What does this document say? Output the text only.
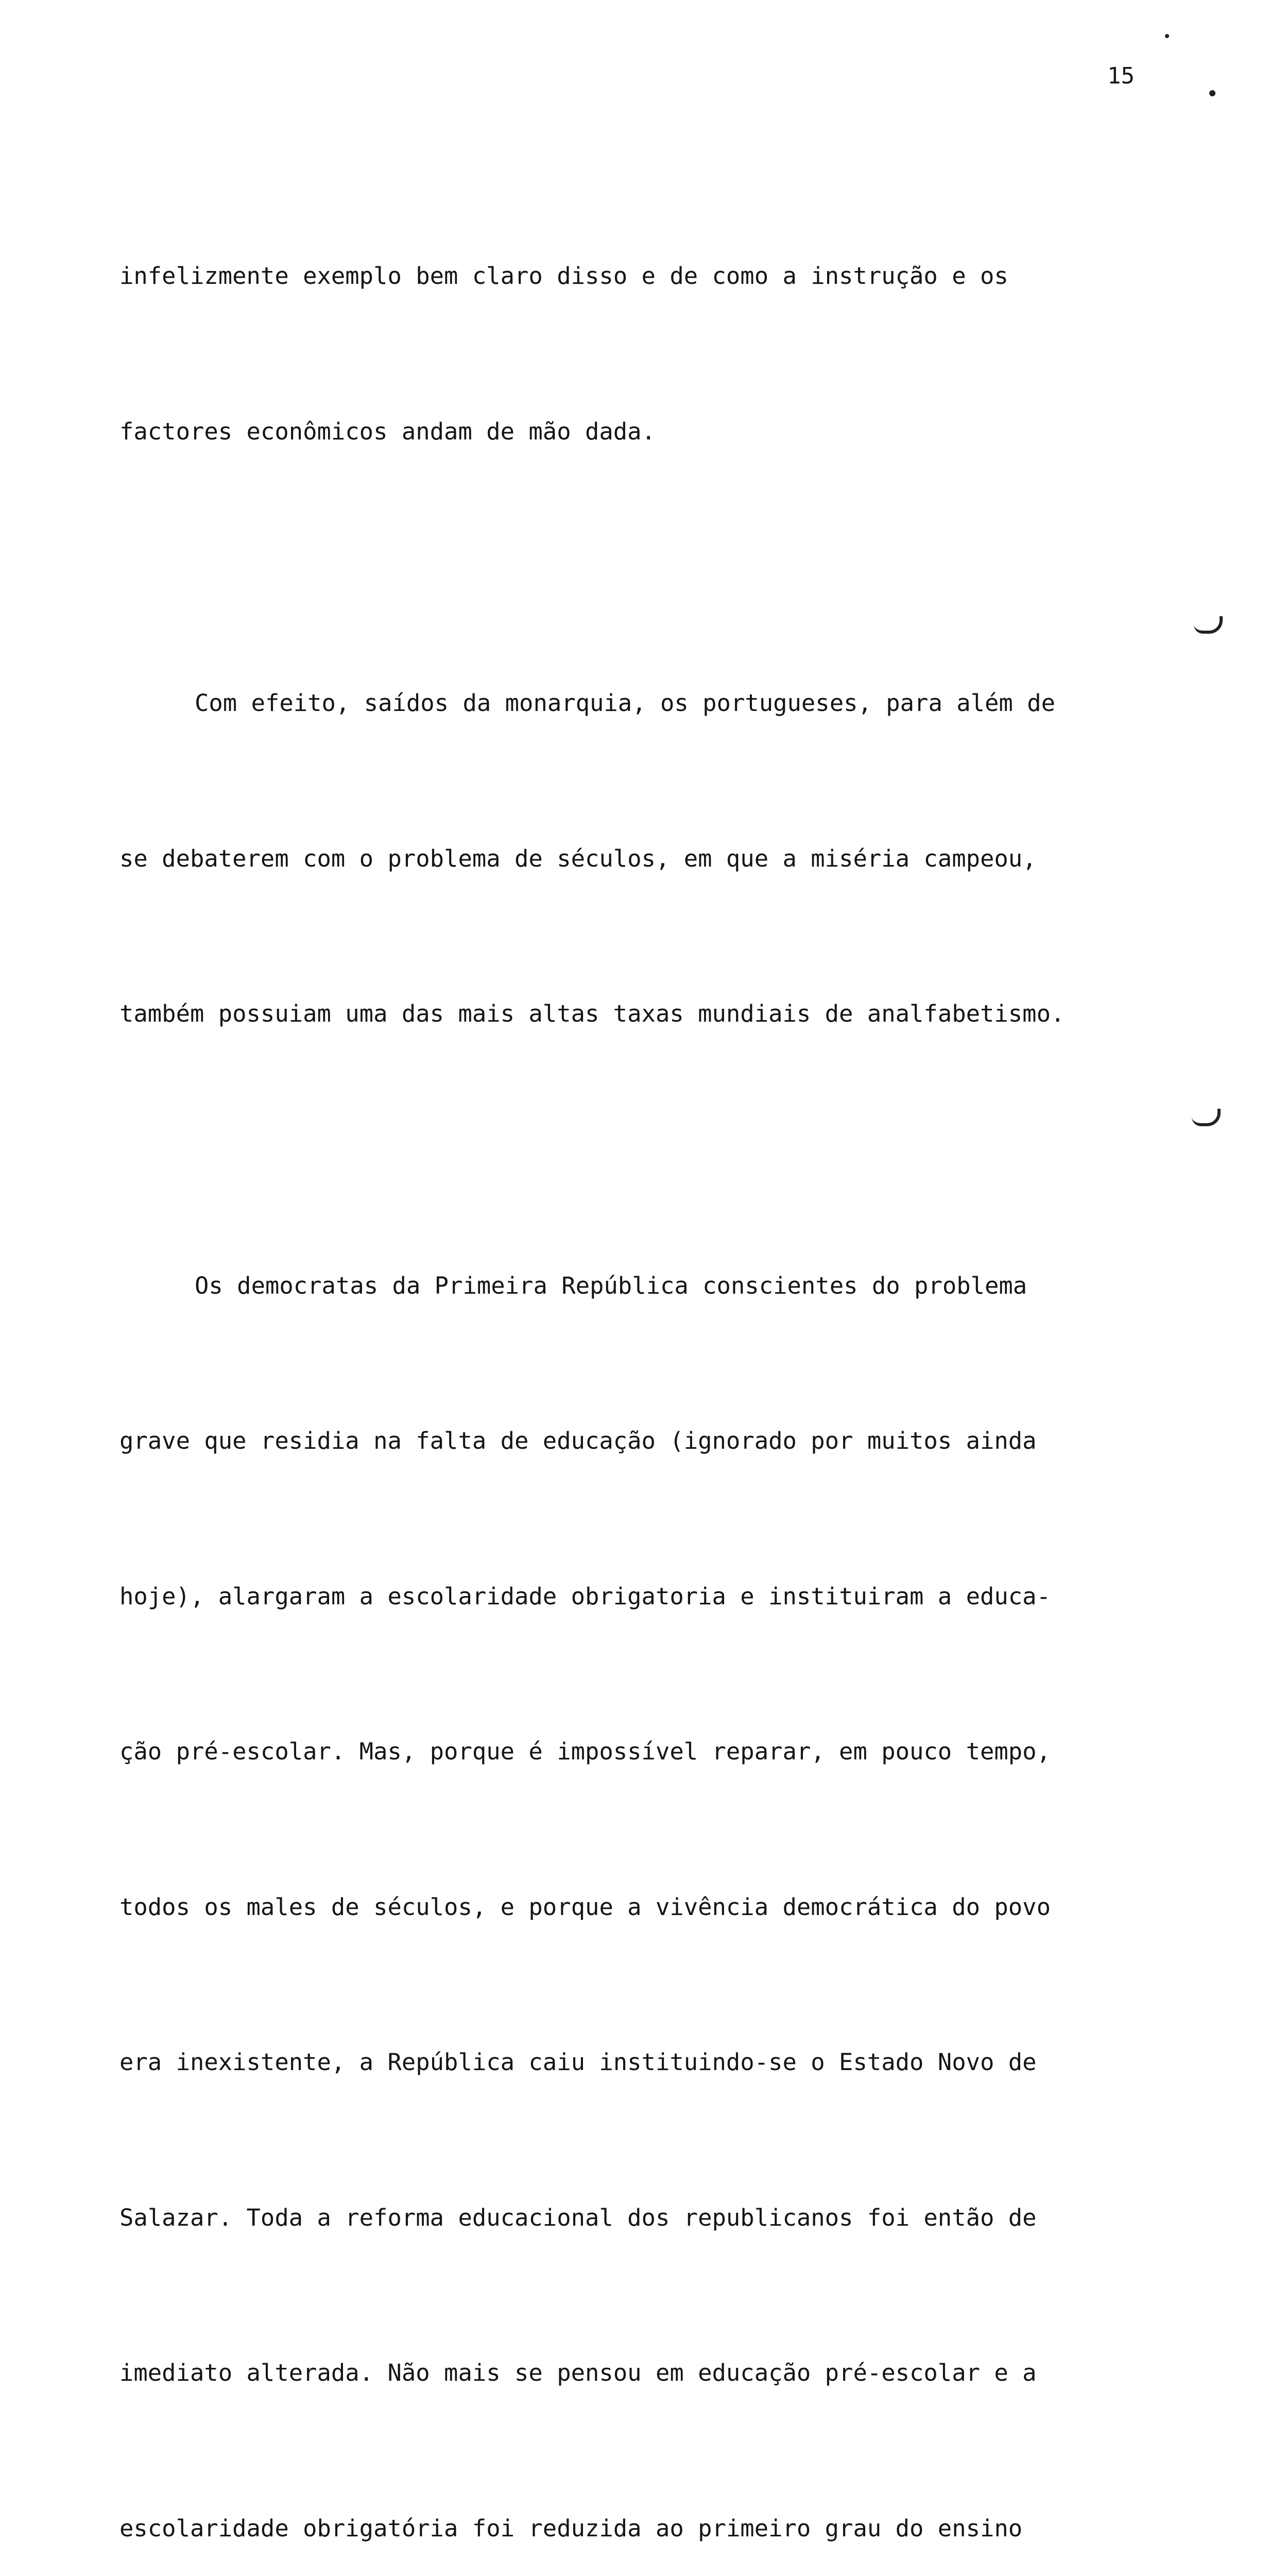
15

infelizmente exemplo bem claro disso e de como a instrução e os

factores econômicos andam de mão dada.

Com efeito, saídos da monarquia, os portugueses, para além de

se debaterem com o problema de séculos, em que a miséria campeou,

também possuiam uma das mais altas taxas mundiais de analfabetismo.

Os democratas da Primeira República conscientes do problema

grave que residia na falta de educação (ignorado por muitos ainda

hoje), alargaram a escolaridade obrigatoria e instituiram a educa-

ção pré-escolar. Mas, porque é impossível reparar, em pouco tempo,

todos os males de séculos, e porque a vivência democrática do povo

era inexistente, a República caiu instituindo-se o Estado Novo de

Salazar. Toda a reforma educacional dos republicanos foi então de

imediato alterada. Não mais se pensou em educação pré-escolar e a

escolaridade obrigatória foi reduzida ao primeiro grau do ensino
